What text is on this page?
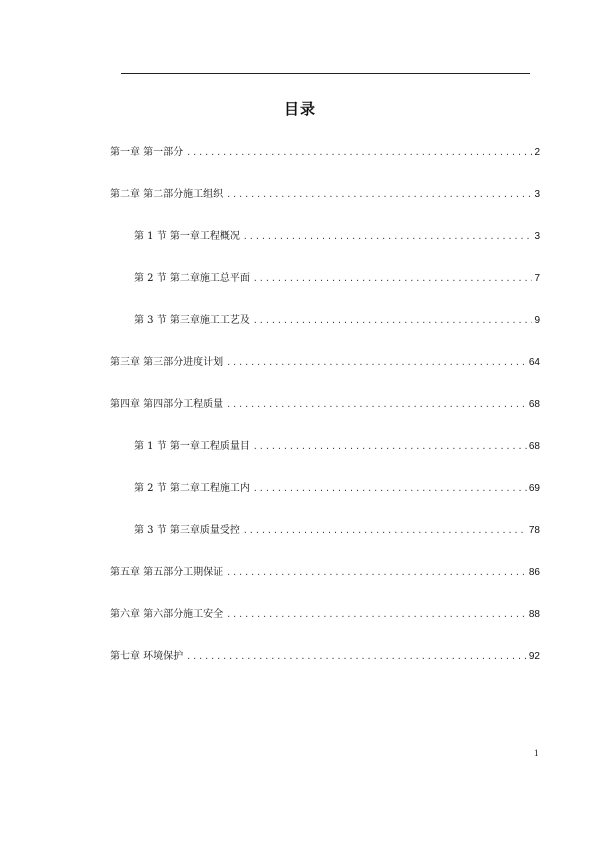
目录
第一章 第一部分 .....	2
第二章 第二部分施工组织 .....	3
第 1 节 第一章工程概况 .....	3
第 2 节 第二章施工总平面 .....	7
第 3 节 第三章施工工艺及 .....	9
第三章 第三部分进度计划 .....	64
第四章 第四部分工程质量 .....	68
第 1 节 第一章工程质量目 .....	68
第 2 节 第二章工程施工内 .....	69
第 3 节 第三章质量受控 .....	78
第五章 第五部分工期保证 .....	86
第六章 第六部分施工安全 .....	88
第七章 环境保护 .....	92
1
